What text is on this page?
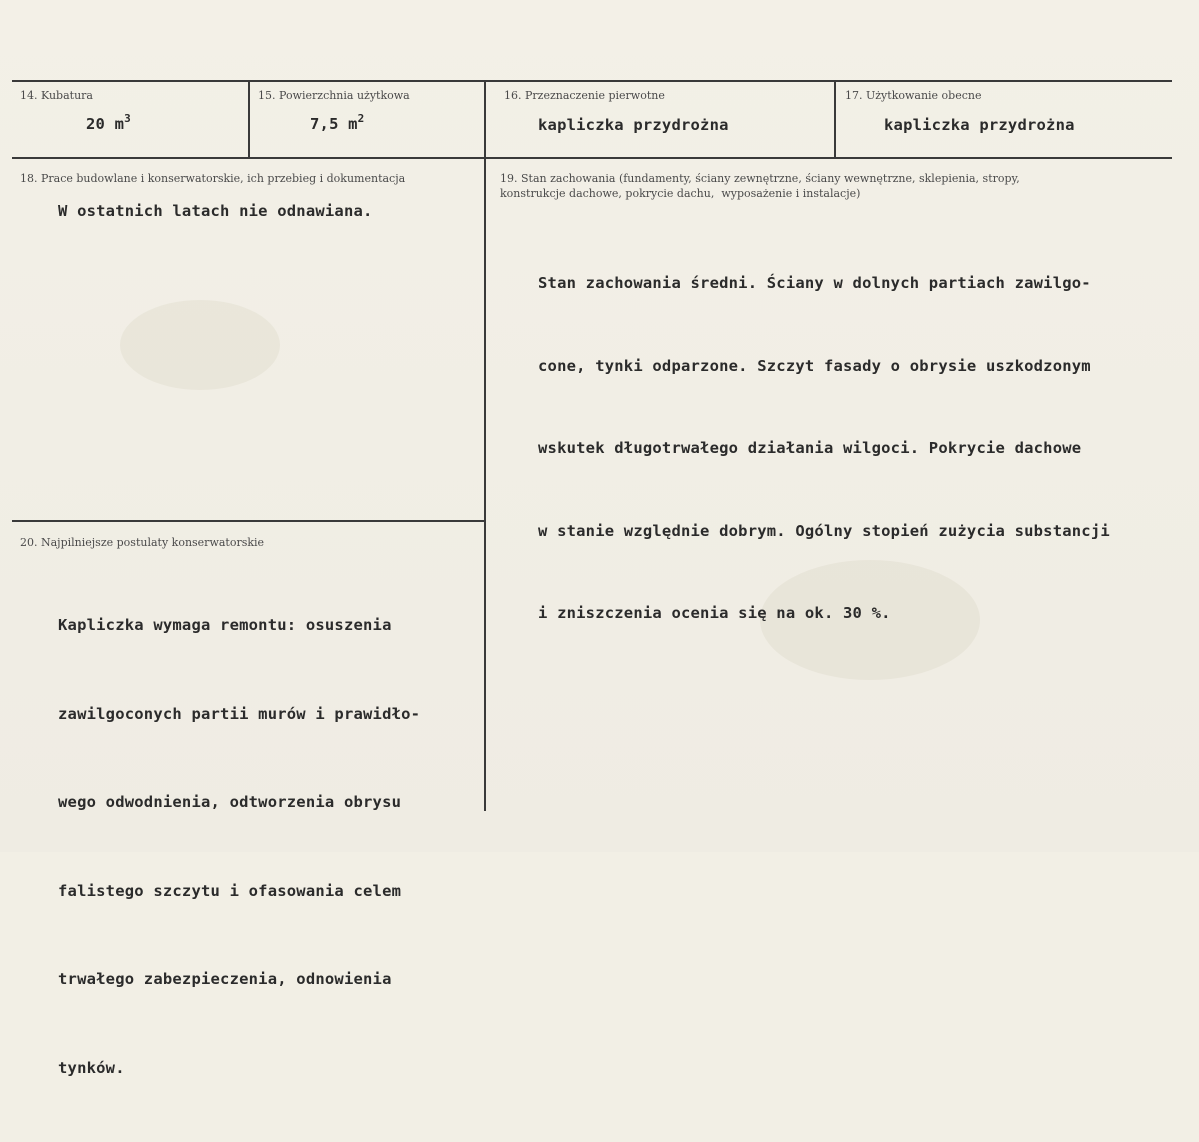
14. Kubatura
20 $m^3$
15. Powierzchnia użytkowa
7,5 $m^2$
16. Przeznaczenie pierwotne
kapliczka przydrożna
17. Użytkowanie obecne
kapliczka przydrożna
18. Prace budowlane i konserwatorskie, ich przebieg i dokumentacja
W ostatnich latach nie odnawiana.
19. Stan zachowania (fundamenty, ściany zewnętrzne, ściany wewnętrzne, sklepienia, stropy,
konstrukcje dachowe, pokrycie dachu,  wyposażenie i instalacje)

Stan zachowania średni. Ściany w dolnych partiach zawilgo-

cone, tynki odparzone. Szczyt fasady o obrysie uszkodzonym

wskutek długotrwałego działania wilgoci. Pokrycie dachowe

w stanie względnie dobrym. Ogólny stopień zużycia substancji

i zniszczenia ocenia się na ok. 30 %.

20. Najpilniejsze postulaty konserwatorskie

Kapliczka wymaga remontu: osuszenia

zawilgoconych partii murów i prawidło-

wego odwodnienia, odtworzenia obrysu

falistego szczytu i ofasowania celem

trwałego zabezpieczenia, odnowienia

tynków.
